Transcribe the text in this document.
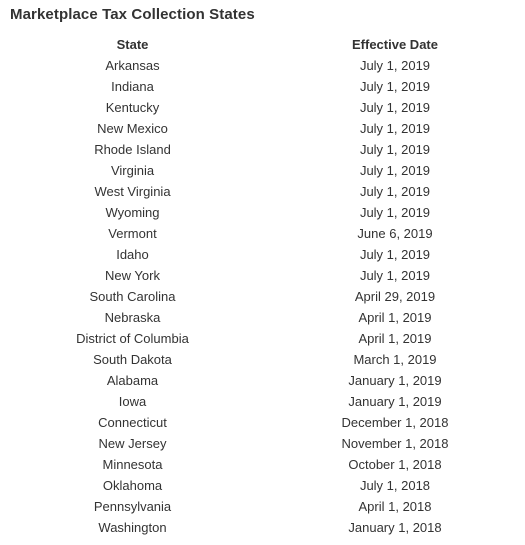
Marketplace Tax Collection States
State	Effective Date
Arkansas	July 1, 2019
Indiana	July 1, 2019
Kentucky	July 1, 2019
New Mexico	July 1, 2019
Rhode Island	July 1, 2019
Virginia	July 1, 2019
West Virginia	July 1, 2019
Wyoming	July 1, 2019
Vermont	June 6, 2019
Idaho	July 1, 2019
New York	July 1, 2019
South Carolina	April 29, 2019
Nebraska	April 1, 2019
District of Columbia	April 1, 2019
South Dakota	March 1, 2019
Alabama	January 1, 2019
Iowa	January 1, 2019
Connecticut	December 1, 2018
New Jersey	November 1, 2018
Minnesota	October 1, 2018
Oklahoma	July 1, 2018
Pennsylvania	April 1, 2018
Washington	January 1, 2018
